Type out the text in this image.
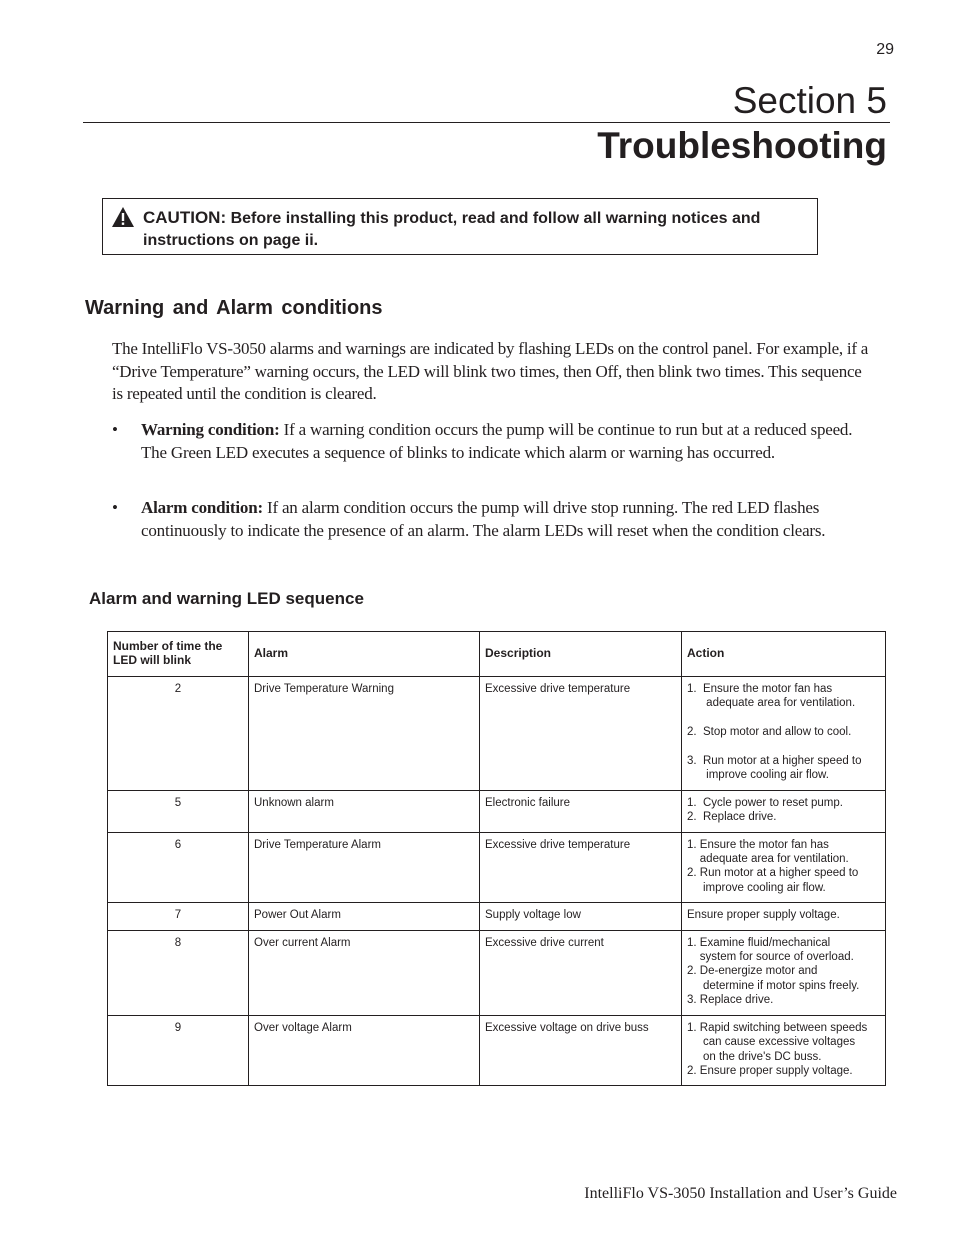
29
Section 5
Troubleshooting
CAUTION: Before installing this product, read and follow all warning notices and instructions on page ii.
Warning and Alarm conditions
The IntelliFlo VS-3050 alarms and warnings are indicated by flashing LEDs on the control panel. For example, if a “Drive Temperature” warning occurs, the LED will blink two times, then Off, then blink two times. This sequence is repeated until the condition is cleared.
• Warning condition: If a warning condition occurs the pump will be continue to run but at a reduced speed. The Green LED executes a sequence of blinks to indicate which alarm or warning has occurred.
• Alarm condition: If an alarm condition occurs the pump will drive stop running. The red LED flashes continuously to indicate the presence of an alarm. The alarm LEDs will reset when the condition clears.
Alarm and warning LED sequence
Number of time the LED will blink	Alarm	Description	Action
2	Drive Temperature Warning	Excessive drive temperature	1.  Ensure the motor fan has
adequate area for ventilation.
2.  Stop motor and allow to cool.
3.  Run motor at a higher speed to
improve cooling air flow.

5	Unknown alarm	Electronic failure	1.  Cycle power to reset pump.
2.  Replace drive.

6	Drive Temperature Alarm	Excessive drive temperature	1. Ensure the motor fan has
adequate area for ventilation.
2. Run motor at a higher speed to
improve cooling air flow.

7	Power Out Alarm	Supply voltage low	Ensure proper supply voltage.

8	Over current Alarm	Excessive drive current	1. Examine fluid/mechanical
system for source of overload.
2. De-energize motor and
determine if motor spins freely.
3. Replace drive.

9	Over voltage Alarm	Excessive voltage on drive buss	1. Rapid switching between speeds
can cause excessive voltages
on the drive's DC buss.
2. Ensure proper supply voltage.
IntelliFlo VS-3050 Installation and User’s Guide
